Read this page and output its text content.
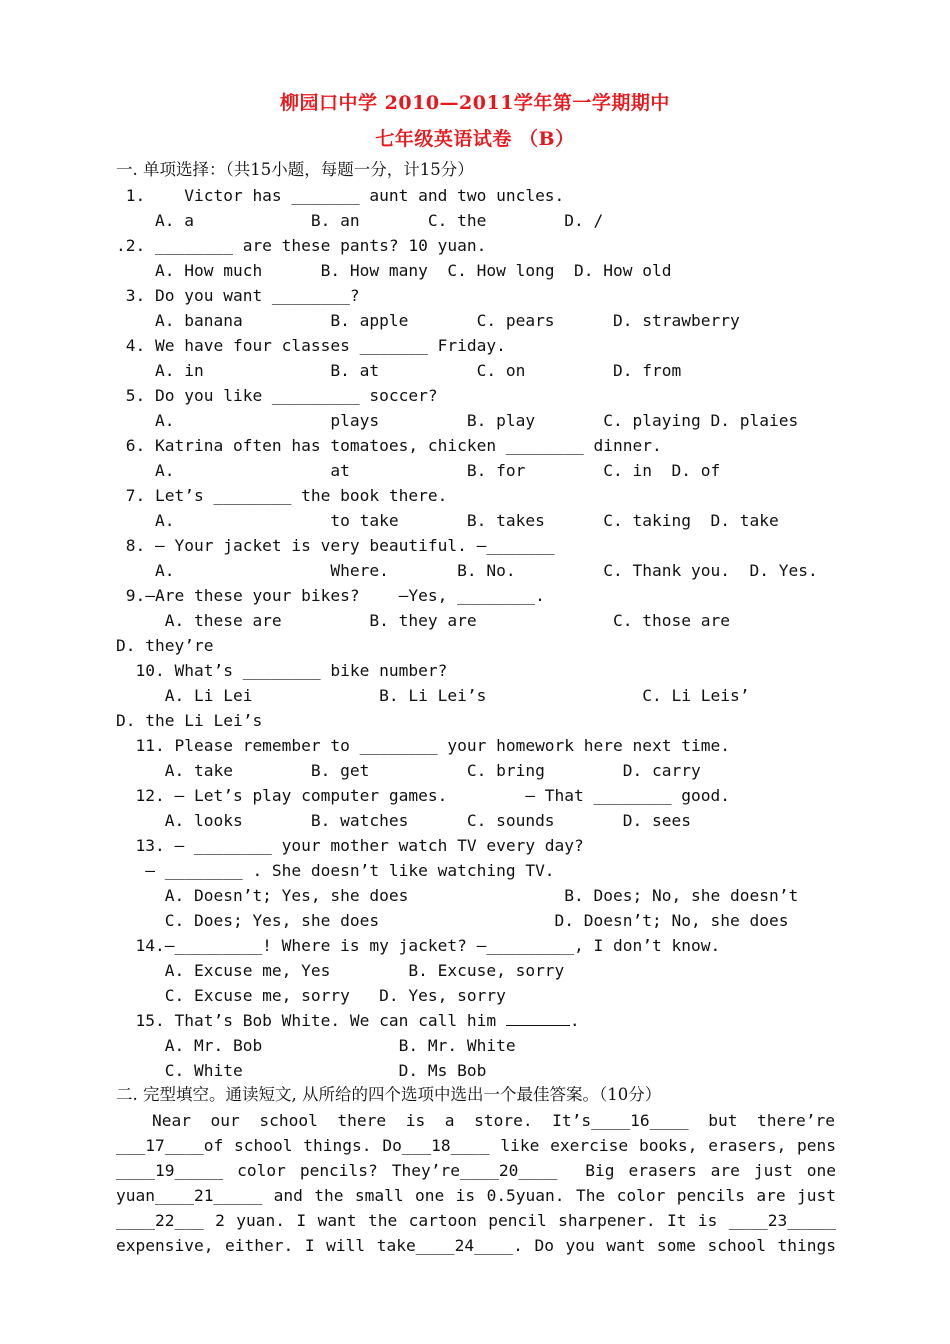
柳园口中学 2010—2011学年第一学期期中
七年级英语试卷 （B）
一. 单项选择：（共15小题，每题一分，计15分）
1.    Victor has _______ aunt and two uncles.
A. a            B. an       C. the        D. /
.2. ________ are these pants? 10 yuan.
A. How much      B. How many  C. How long  D. How old
3. Do you want ________?
A. banana         B. apple       C. pears      D. strawberry
4. We have four classes _______ Friday.
A. in             B. at          C. on         D. from
5. Do you like _________ soccer?
A.                plays         B. play       C. playing D. plaies
6. Katrina often has tomatoes, chicken ________ dinner.
A.                at            B. for        C. in  D. of
7. Let’s ________ the book there.
A.                to take       B. takes      C. taking  D. take
8. – Your jacket is very beautiful. –_______
A.                Where.       B. No.         C. Thank you.  D. Yes.
9.—Are these your bikes?    —Yes, ________.
A. these are         B. they are              C. those are
D. they’re
10. What’s ________ bike number?
A. Li Lei             B. Li Lei’s                C. Li Leis’
D. the Li Lei’s
11. Please remember to ________ your homework here next time.
A. take        B. get          C. bring        D. carry
12. — Let’s play computer games.        — That ________ good.
A. looks       B. watches      C. sounds       D. sees
13. — ________ your mother watch TV every day?
— ________ . She doesn’t like watching TV.
A. Doesn’t; Yes, she does                B. Does; No, she doesn’t
C. Does; Yes, she does                  D. Doesn’t; No, she does
14.—_________! Where is my jacket? –_________, I don’t know.
A. Excuse me, Yes        B. Excuse, sorry
C. Excuse me, sorry   D. Yes, sorry
15. That’s Bob White. We can call him	.
A. Mr. Bob              B. Mr. White
C. White                D. Ms Bob
二. 完型填空。通读短文, 从所给的四个选项中选出一个最佳答案。（10分）
Near our school there is a store. It’s____16____ but there’re
___17____of school things. Do___18____ like exercise books, erasers, pens
____19_____ color pencils? They’re____20____  Big erasers are just one
yuan____21_____ and the small one is 0.5yuan. The color pencils are just
____22___ 2 yuan. I want the cartoon pencil sharpener. It is ____23_____
expensive, either. I will take____24____. Do you want some school things
